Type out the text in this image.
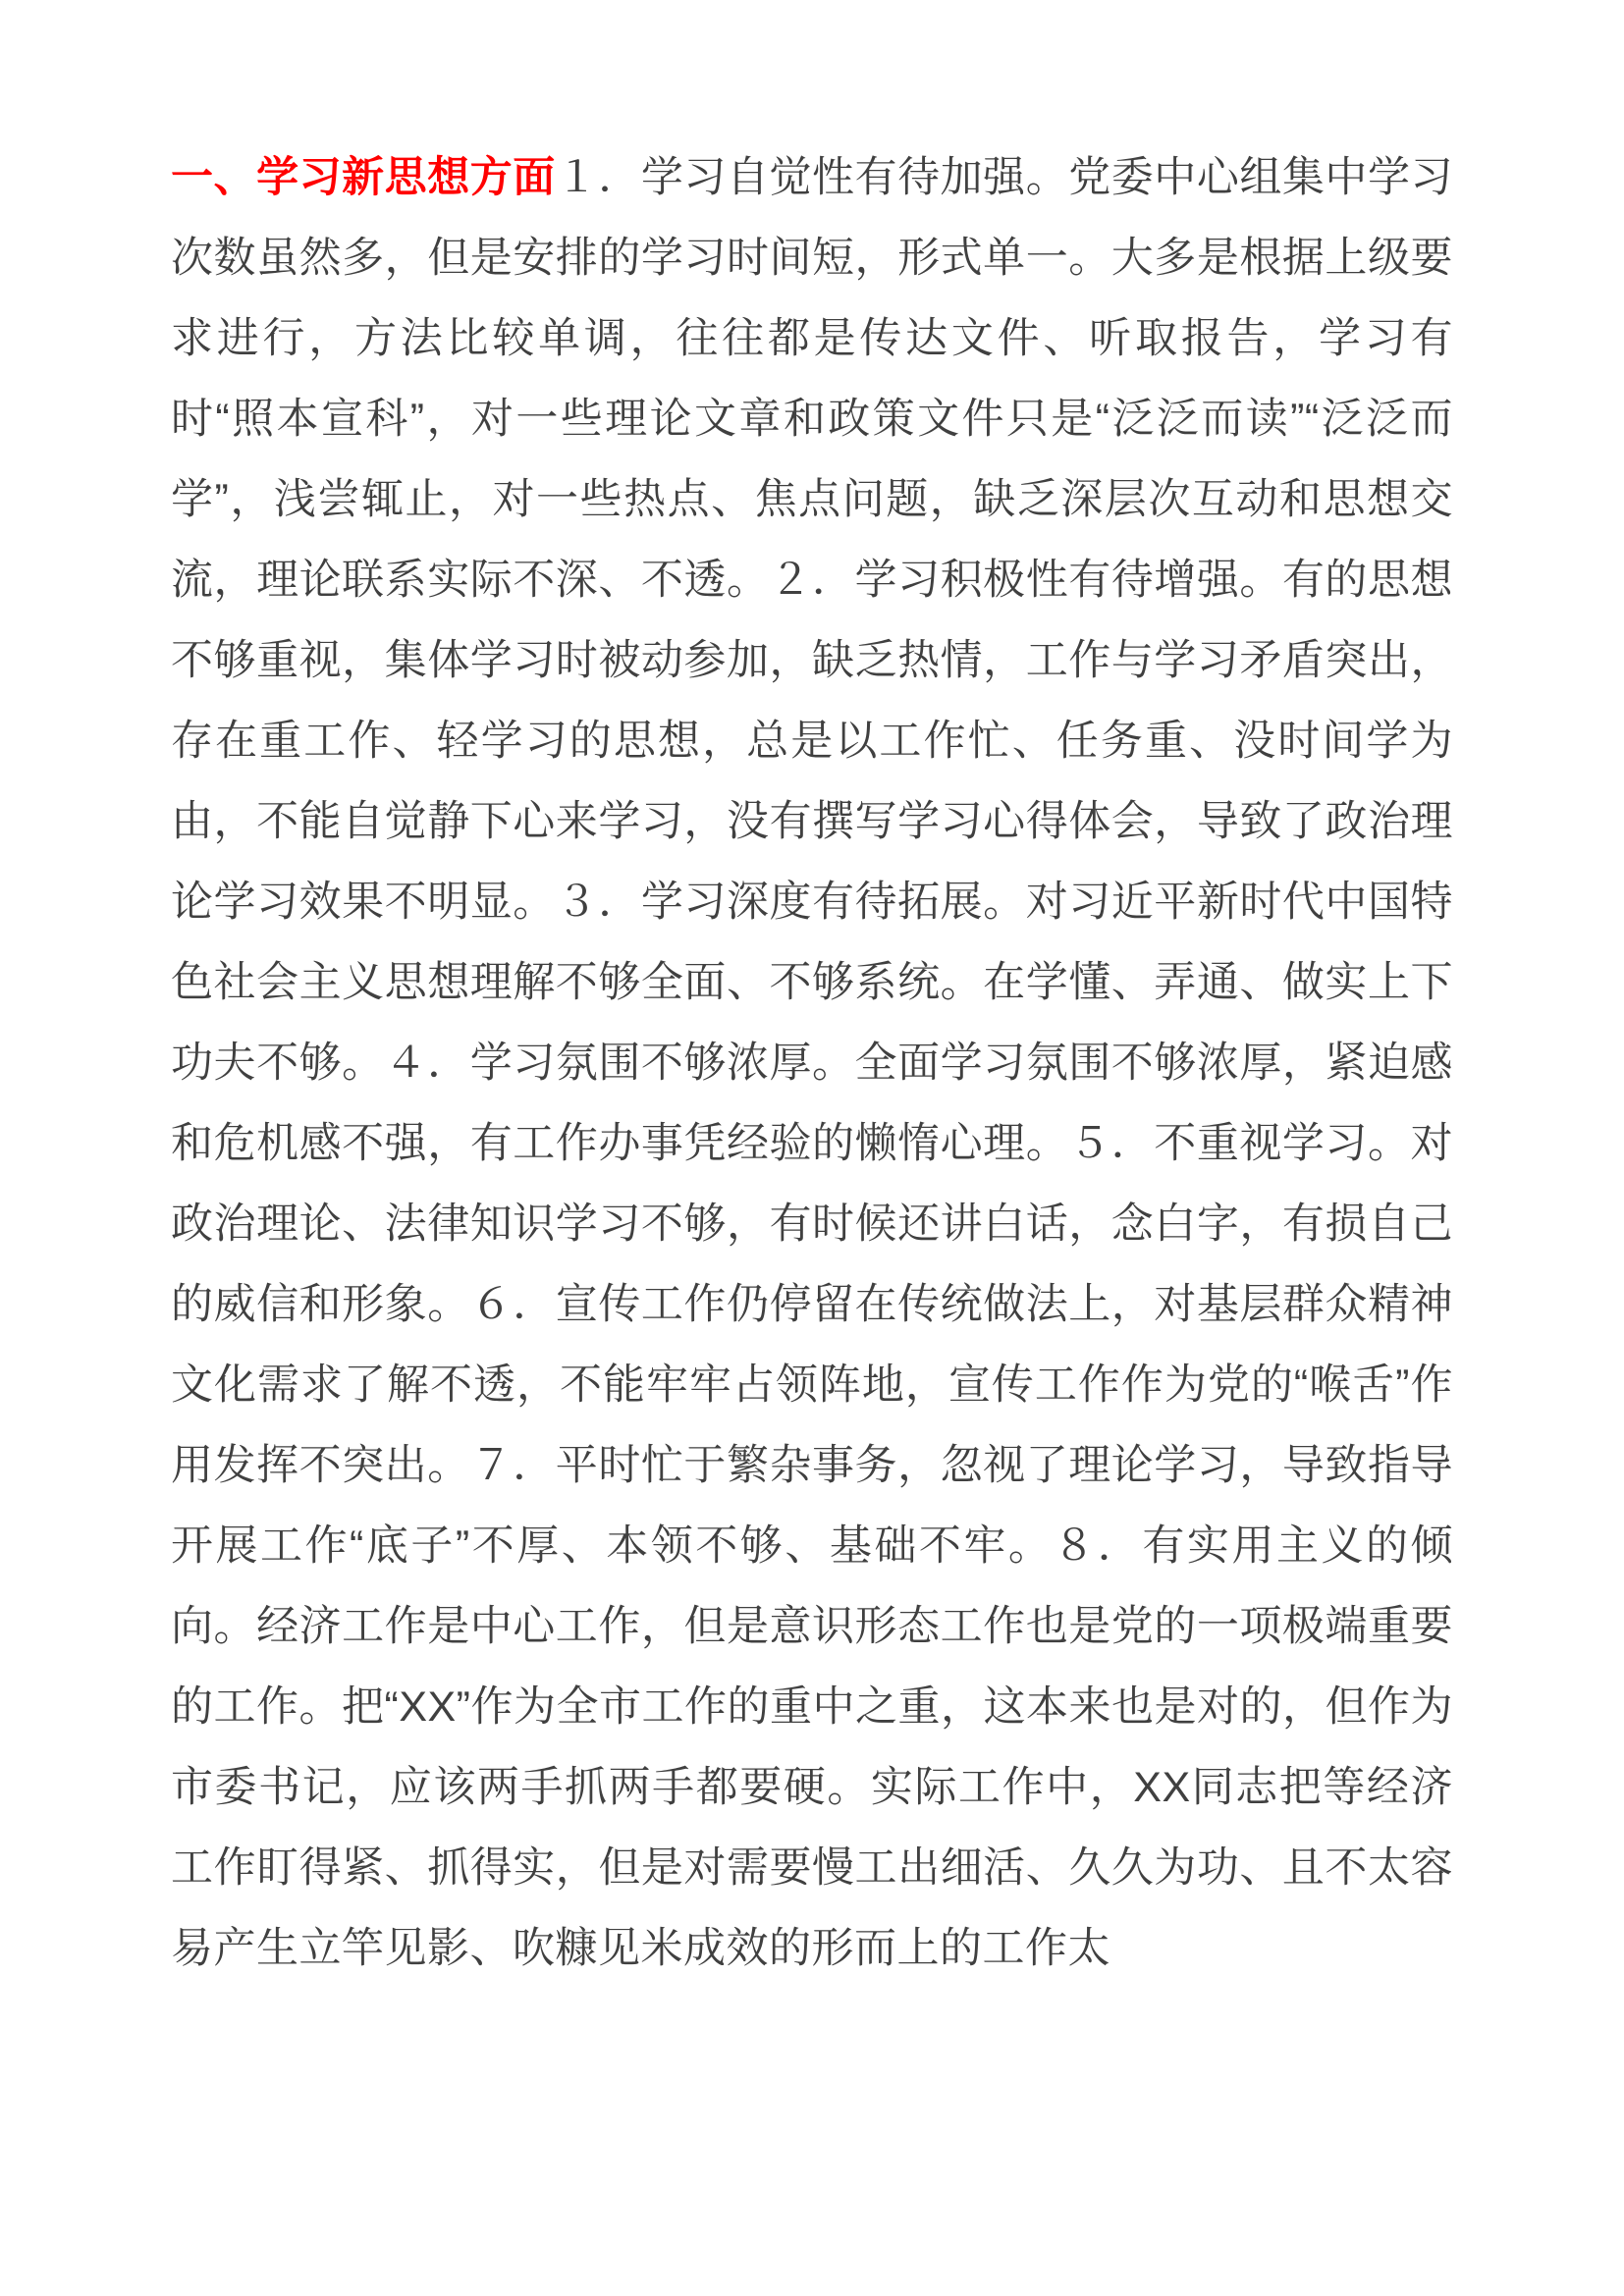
一、学习新思想方面１．学习自觉性有待加强。党委中心组集中学习次数虽然多，但是安排的学习时间短，形式单一。大多是根据上级要求进行，方法比较单调，往往都是传达文件、听取报告，学习有时“照本宣科”，对一些理论文章和政策文件只是“泛泛而读”“泛泛而学”，浅尝辄止，对一些热点、焦点问题，缺乏深层次互动和思想交流，理论联系实际不深、不透。２．学习积极性有待增强。有的思想不够重视，集体学习时被动参加，缺乏热情，工作与学习矛盾突出，存在重工作、轻学习的思想，总是以工作忙、任务重、没时间学为由，不能自觉静下心来学习，没有撰写学习心得体会，导致了政治理论学习效果不明显。３．学习深度有待拓展。对习近平新时代中国特色社会主义思想理解不够全面、不够系统。在学懂、弄通、做实上下功夫不够。４．学习氛围不够浓厚。全面学习氛围不够浓厚，紧迫感和危机感不强，有工作办事凭经验的懒惰心理。５．不重视学习。对政治理论、法律知识学习不够，有时候还讲白话，念白字，有损自己的威信和形象。６．宣传工作仍停留在传统做法上，对基层群众精神文化需求了解不透，不能牢牢占领阵地，宣传工作作为党的“喉舌”作用发挥不突出。７．平时忙于繁杂事务，忽视了理论学习，导致指导开展工作“底子”不厚、本领不够、基础不牢。８．有实用主义的倾向。经济工作是中心工作，但是意识形态工作也是党的一项极端重要的工作。把“XX”作为全市工作的重中之重，这本来也是对的，但作为市委书记，应该两手抓两手都要硬。实际工作中，XX同志把等经济工作盯得紧、抓得实，但是对需要慢工出细活、久久为功、且不太容易产生立竿见影、吹糠见米成效的形而上的工作太
